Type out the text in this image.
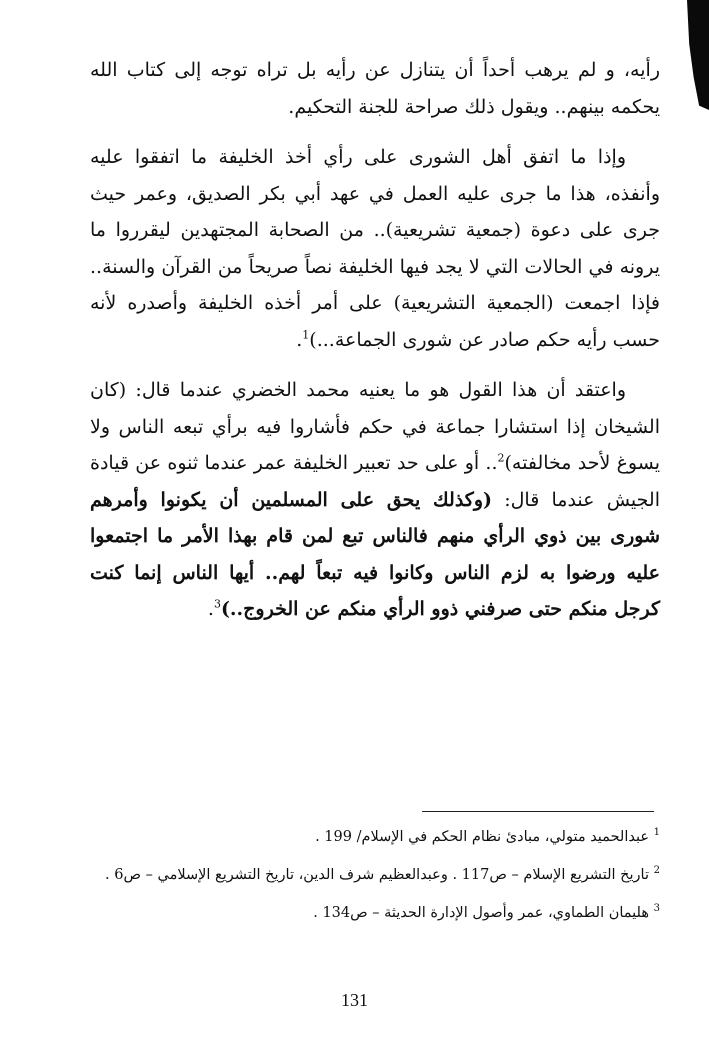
رأيه، و لم يرهب أحداً أن يتنازل عن رأيه بل تراه توجه إلى كتاب الله يحكمه بينهم.. ويقول ذلك صراحة للجنة التحكيم.

وإذا ما اتفق أهل الشورى على رأي أخذ الخليفة ما اتفقوا عليه وأنفذه، هذا ما جرى عليه العمل في عهد أبي بكر الصديق، وعمر حيث جرى على دعوة (جمعية تشريعية).. من الصحابة المجتهدين ليقرروا ما يرونه في الحالات التي لا يجد فيها الخليفة نصاً صريحاً من القرآن والسنة.. فإذا اجمعت (الجمعية التشريعية) على أمر أخذه الخليفة وأصدره لأنه حسب رأيه حكم صادر عن شورى الجماعة...)$^1$.

واعتقد أن هذا القول هو ما يعنيه محمد الخضري عندما قال: (كان الشيخان إذا استشارا جماعة في حكم فأشاروا فيه برأي تبعه الناس ولا يسوغ لأحد مخالفته)$^2$.. أو على حد تعبير الخليفة عمر عندما ثنوه عن قيادة الجيش عندما قال: (وكذلك يحق على المسلمين أن يكونوا وأمرهم شورى بين ذوي الرأي منهم فالناس تبع لمن قام بهذا الأمر ما اجتمعوا عليه ورضوا به لزم الناس وكانوا فيه تبعاً لهم.. أيها الناس إنما كنت كرجل منكم حتى صرفني ذوو الرأي منكم عن الخروج..)$^3$.

$^1$ عبدالحميد متولي، مبادئ نظام الحكم في الإسلام/ 199 .

$^2$ تاريخ التشريع الإسلام – ص117 . وعبدالعظيم شرف الدين، تاريخ التشريع الإسلامي – ص6 .

$^3$ هليمان الطماوي، عمر وأصول الإدارة الحديثة – ص134 .

131
